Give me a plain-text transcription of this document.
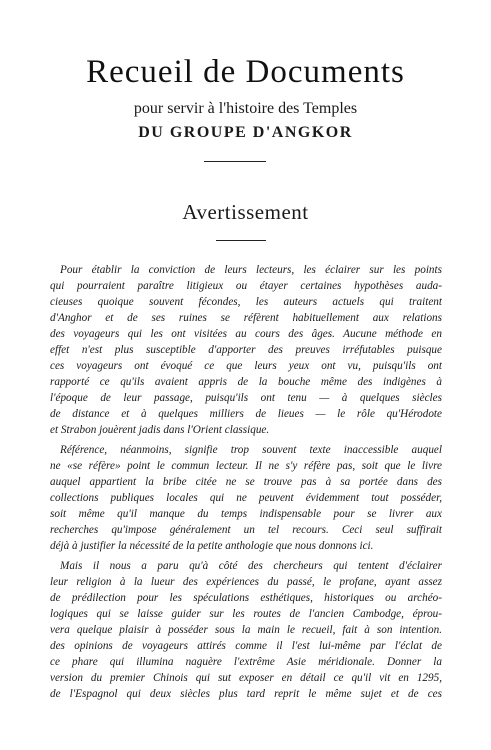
Recueil de Documents
pour servir à l'histoire des Temples
DU GROUPE D'ANGKOR
Avertissement

Pour établir la conviction de leurs lecteurs, les éclairer sur les points
qui pourraient paraître litigieux ou étayer certaines hypothèses auda-
cieuses quoique souvent fécondes, les auteurs actuels qui traitent
d'Anghor et de ses ruines se réfèrent habituellement aux relations
des voyageurs qui les ont visitées au cours des âges. Aucune méthode en
effet n'est plus susceptible d'apporter des preuves irréfutables puisque
ces voyageurs ont évoqué ce que leurs yeux ont vu, puisqu'ils ont
rapporté ce qu'ils avaient appris de la bouche même des indigènes à
l'époque de leur passage, puisqu'ils ont tenu — à quelques siècles
de distance et à quelques milliers de lieues — le rôle qu'Hérodote
et Strabon jouèrent jadis dans l'Orient classique.

Référence, néanmoins, signifie trop souvent texte inaccessible auquel
ne «se réfère» point le commun lecteur. Il ne s'y réfère pas, soit que le livre
auquel appartient la bribe citée ne se trouve pas à sa portée dans des
collections publiques locales qui ne peuvent évidemment tout posséder,
soit même qu'il manque du temps indispensable pour se livrer aux
recherches qu'impose généralement un tel recours. Ceci seul suffirait
déjà à justifier la nécessité de la petite anthologie que nous donnons ici.

Mais il nous a paru qu'à côté des chercheurs qui tentent d'éclairer
leur religion à la lueur des expériences du passé, le profane, ayant assez
de prédilection pour les spéculations esthétiques, historiques ou archéo-
logiques qui se laisse guider sur les routes de l'ancien Cambodge, éprou-
vera quelque plaisir à posséder sous la main le recueil, fait à son intention.
des opinions de voyageurs attirés comme il l'est lui-même par l'éclat de
ce phare qui illumina naguère l'extrême Asie méridionale. Donner la
version du premier Chinois qui sut exposer en détail ce qu'il vit en 1295,
de l'Espagnol qui deux siècles plus tard reprit le même sujet et de ces
